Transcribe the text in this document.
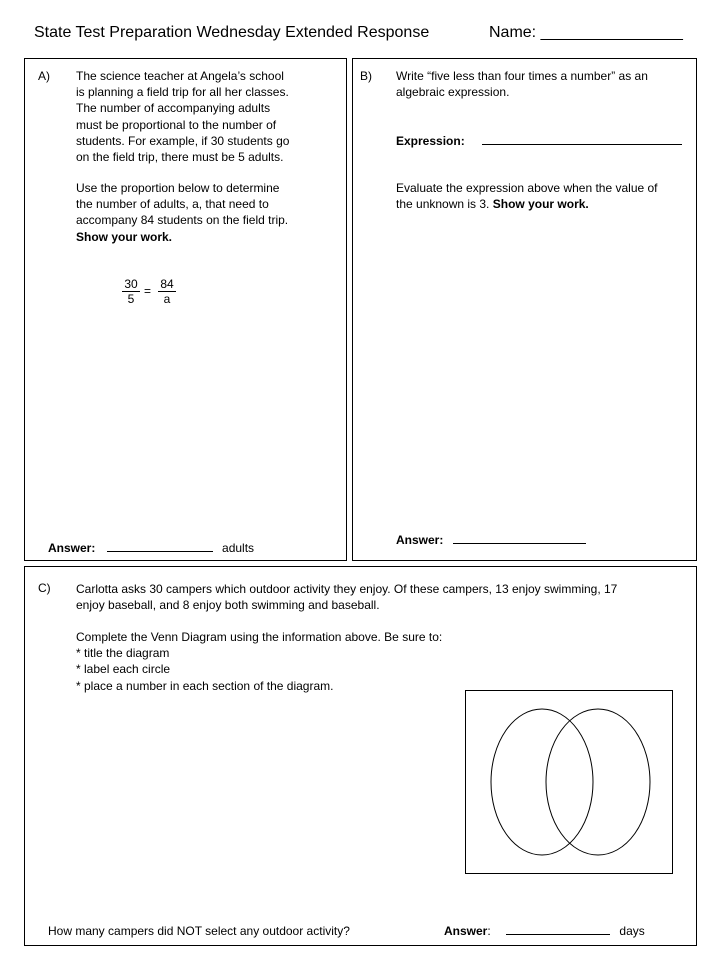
State Test Preparation Wednesday Extended Response	Name: ________________
A) The science teacher at Angela’s school
is planning a field trip for all her classes.
The number of accompanying adults
must be proportional to the number of
students. For example, if 30 students go
on the field trip, there must be 5 adults.
Use the proportion below to determine
the number of adults, a, that need to
accompany 84 students on the field trip.
Show your work.
$\frac{30}{5} = \frac{84}{a}$
Answer:	adults
B) Write “five less than four times a number” as an
algebraic expression.
Expression:
Evaluate the expression above when the value of
the unknown is 3. Show your work.
Answer:
C) Carlotta asks 30 campers which outdoor activity they enjoy. Of these campers, 13 enjoy swimming, 17
enjoy baseball, and 8 enjoy both swimming and baseball.
Complete the Venn Diagram using the information above. Be sure to:
* title the diagram
* label each circle
* place a number in each section of the diagram.
How many campers did NOT select any outdoor activity?	Answer:	days
